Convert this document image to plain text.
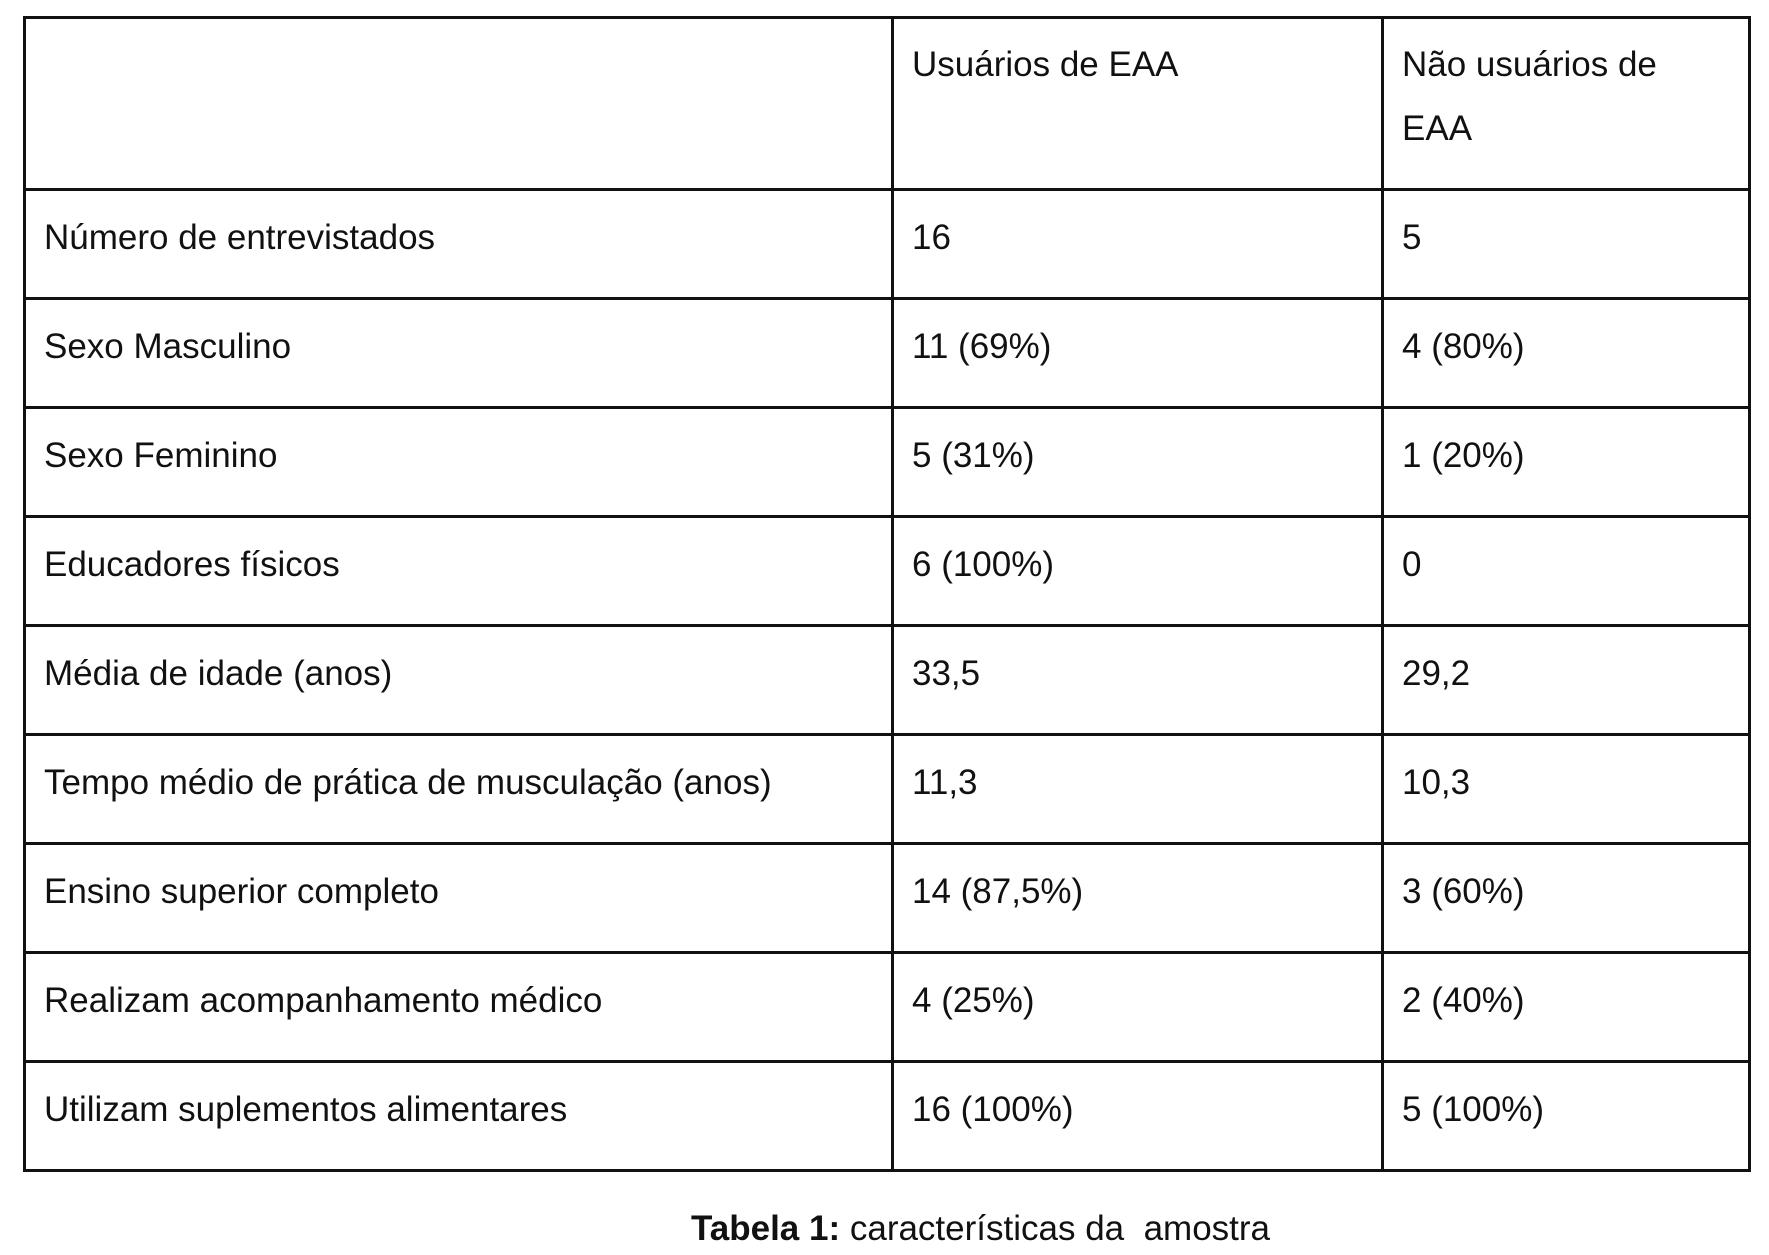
	Usuários de EAA	Não usuários de EAA
Número de entrevistados	16	5
Sexo Masculino	11 (69%)	4 (80%)
Sexo Feminino	5 (31%)	1 (20%)
Educadores físicos	6 (100%)	0
Média de idade (anos)	33,5	29,2
Tempo médio de prática de musculação (anos)	11,3	10,3
Ensino superior completo	14 (87,5%)	3 (60%)
Realizam acompanhamento médico	4 (25%)	2 (40%)
Utilizam suplementos alimentares	16 (100%)	5 (100%)
Tabela 1: características da  amostra
